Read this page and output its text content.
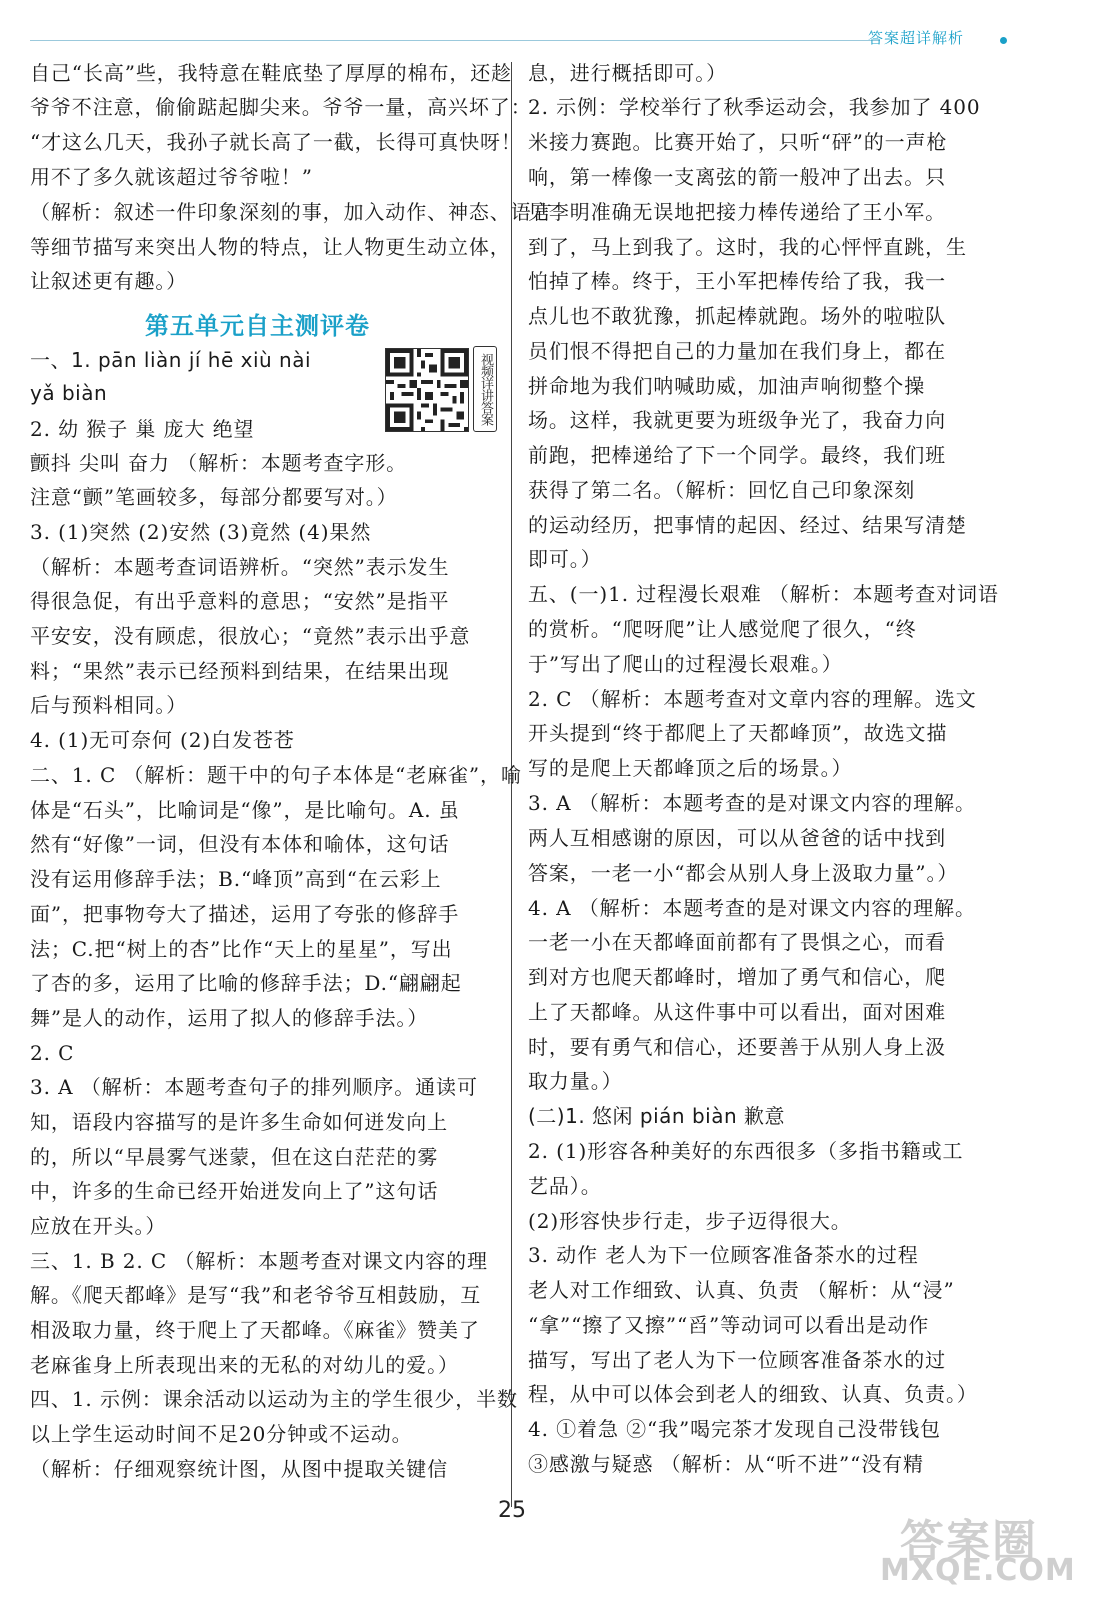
答案超详解析
自己“长高”些，我特意在鞋底垫了厚厚的棉布，还趁
爷爷不注意，偷偷踮起脚尖来。爷爷一量，高兴坏了：
“才这么几天，我孙子就长高了一截，长得可真快呀！
用不了多久就该超过爷爷啦！”
（解析：叙述一件印象深刻的事，加入动作、神态、语言
等细节描写来突出人物的特点，让人物更生动立体，
让叙述更有趣。）
第五单元自主测评卷
视频详讲答案
一、1. pān liàn jí hē xiù nài
yǎ biàn
2. 幼 猴子 巢 庞大 绝望
颤抖 尖叫 奋力 （解析：本题考查字形。
注意“颤”笔画较多，每部分都要写对。）
3. (1)突然 (2)安然 (3)竟然 (4)果然
（解析：本题考查词语辨析。“突然”表示发生
得很急促，有出乎意料的意思；“安然”是指平
平安安，没有顾虑，很放心；“竟然”表示出乎意
料；“果然”表示已经预料到结果，在结果出现
后与预料相同。）
4. (1)无可奈何 (2)白发苍苍
二、1. C （解析：题干中的句子本体是“老麻雀”，喻
体是“石头”，比喻词是“像”，是比喻句。A. 虽
然有“好像”一词，但没有本体和喻体，这句话
没有运用修辞手法；B.“峰顶”高到“在云彩上
面”，把事物夸大了描述，运用了夸张的修辞手
法；C.把“树上的杏”比作“天上的星星”，写出
了杏的多，运用了比喻的修辞手法；D.“翩翩起
舞”是人的动作，运用了拟人的修辞手法。）
2. C
3. A （解析：本题考查句子的排列顺序。通读可
知，语段内容描写的是许多生命如何迸发向上
的，所以“早晨雾气迷蒙，但在这白茫茫的雾
中，许多的生命已经开始迸发向上了”这句话
应放在开头。）
三、1. B 2. C （解析：本题考查对课文内容的理
解。《爬天都峰》是写“我”和老爷爷互相鼓励，互
相汲取力量，终于爬上了天都峰。《麻雀》赞美了
老麻雀身上所表现出来的无私的对幼儿的爱。）
四、1. 示例：课余活动以运动为主的学生很少，半数
以上学生运动时间不足20分钟或不运动。
（解析：仔细观察统计图，从图中提取关键信
息，进行概括即可。）
2. 示例：学校举行了秋季运动会，我参加了 400
米接力赛跑。比赛开始了，只听“砰”的一声枪
响，第一棒像一支离弦的箭一般冲了出去。只
见李明准确无误地把接力棒传递给了王小军。
到了，马上到我了。这时，我的心怦怦直跳，生
怕掉了棒。终于，王小军把棒传给了我，我一
点儿也不敢犹豫，抓起棒就跑。场外的啦啦队
员们恨不得把自己的力量加在我们身上，都在
拼命地为我们呐喊助威，加油声响彻整个操
场。这样，我就更要为班级争光了，我奋力向
前跑，把棒递给了下一个同学。最终，我们班
获得了第二名。（解析：回忆自己印象深刻
的运动经历，把事情的起因、经过、结果写清楚
即可。）
五、(一)1. 过程漫长艰难 （解析：本题考查对词语
的赏析。“爬呀爬”让人感觉爬了很久，“终
于”写出了爬山的过程漫长艰难。）
2. C （解析：本题考查对文章内容的理解。选文
开头提到“终于都爬上了天都峰顶”，故选文描
写的是爬上天都峰顶之后的场景。）
3. A （解析：本题考查的是对课文内容的理解。
两人互相感谢的原因，可以从爸爸的话中找到
答案，一老一小“都会从别人身上汲取力量”。）
4. A （解析：本题考查的是对课文内容的理解。
一老一小在天都峰面前都有了畏惧之心，而看
到对方也爬天都峰时，增加了勇气和信心，爬
上了天都峰。从这件事中可以看出，面对困难
时，要有勇气和信心，还要善于从别人身上汲
取力量。）
(二)1. 悠闲 pián biàn 歉意
2. (1)形容各种美好的东西很多（多指书籍或工
艺品）。
(2)形容快步行走，步子迈得很大。
3. 动作 老人为下一位顾客准备茶水的过程
老人对工作细致、认真、负责 （解析：从“浸”
“拿”“擦了又擦”“舀”等动词可以看出是动作
描写，写出了老人为下一位顾客准备茶水的过
程，从中可以体会到老人的细致、认真、负责。）
4. ①着急 ②“我”喝完茶才发现自己没带钱包
③感激与疑惑 （解析：从“听不进”“没有精
25
答案圈
MXQE.COM
